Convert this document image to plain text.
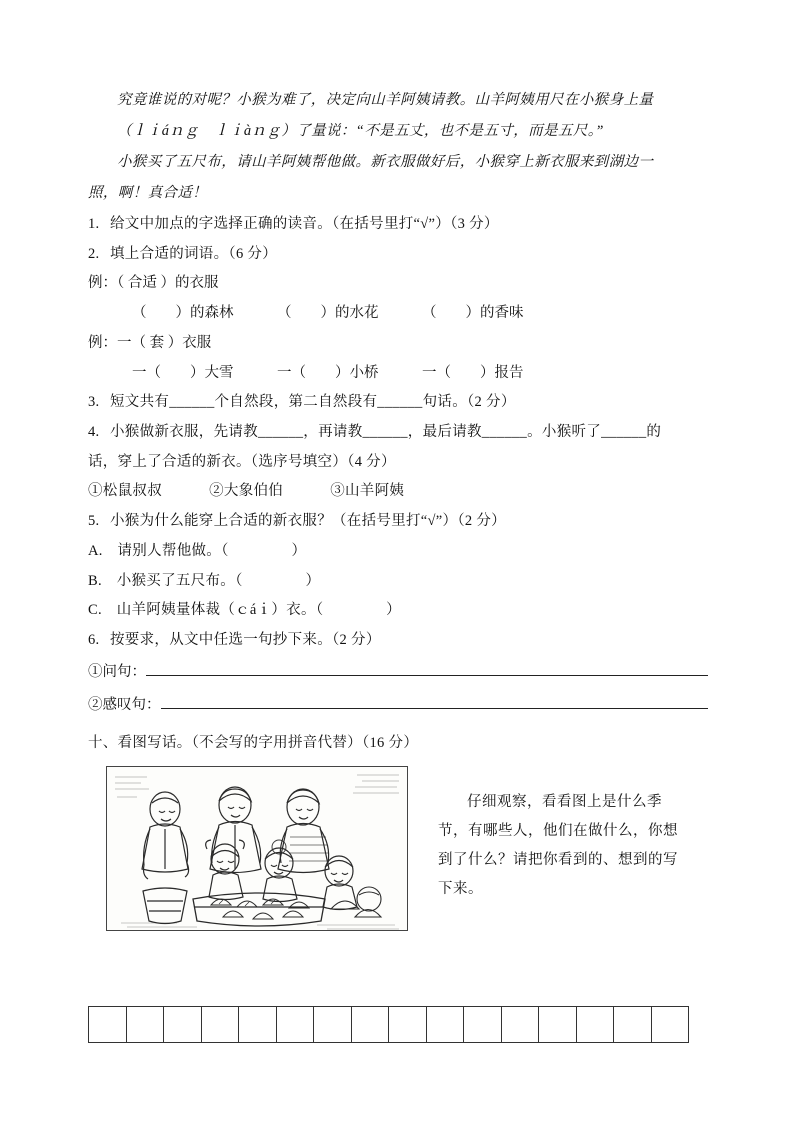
究竟谁说的对呢？小猴为难了，决定向山羊阿姨请教。山羊阿姨用尺在小猴身上量

（ｌｉáｎｇ　ｌｉàｎｇ）了量说：“不是五丈，也不是五寸，而是五尺。”

小猴买了五尺布，请山羊阿姨帮他做。新衣服做好后，小猴穿上新衣服来到湖边一

照，啊！真合适！

1. 给文中加点的字选择正确的读音。（在括号里打“√”）（3 分）

2. 填上合适的词语。（6 分）

例：（ 合适 ）的衣服

（        ）的森林            （        ）的水花            （        ）的香味

例：一（ 套 ）衣服

一（        ）大雪            一（        ）小桥            一（        ）报告

3. 短文共有______个自然段，第二自然段有______句话。（2 分）

4. 小猴做新衣服，先请教______，再请教______，最后请教______。小猴听了______的

话，穿上了合适的新衣。（选序号填空）（4 分）

①松鼠叔叔            ②大象伯伯            ③山羊阿姨

5. 小猴为什么能穿上合适的新衣服？（在括号里打“√”）（2 分）

A.　请别人帮他做。（                ）

B.　小猴买了五尺布。（                ）

C.　山羊阿姨量体裁（ｃáｉ）衣。（                ）

6. 按要求，从文中任选一句抄下来。（2 分）

①问句：
②感叹句：

十、看图写话。（不会写的字用拼音代替）（16 分）

仔细观察，看看图上是什么季节，有哪些人，他们在做什么，你想到了什么？请把你看到的、想到的写下来。
